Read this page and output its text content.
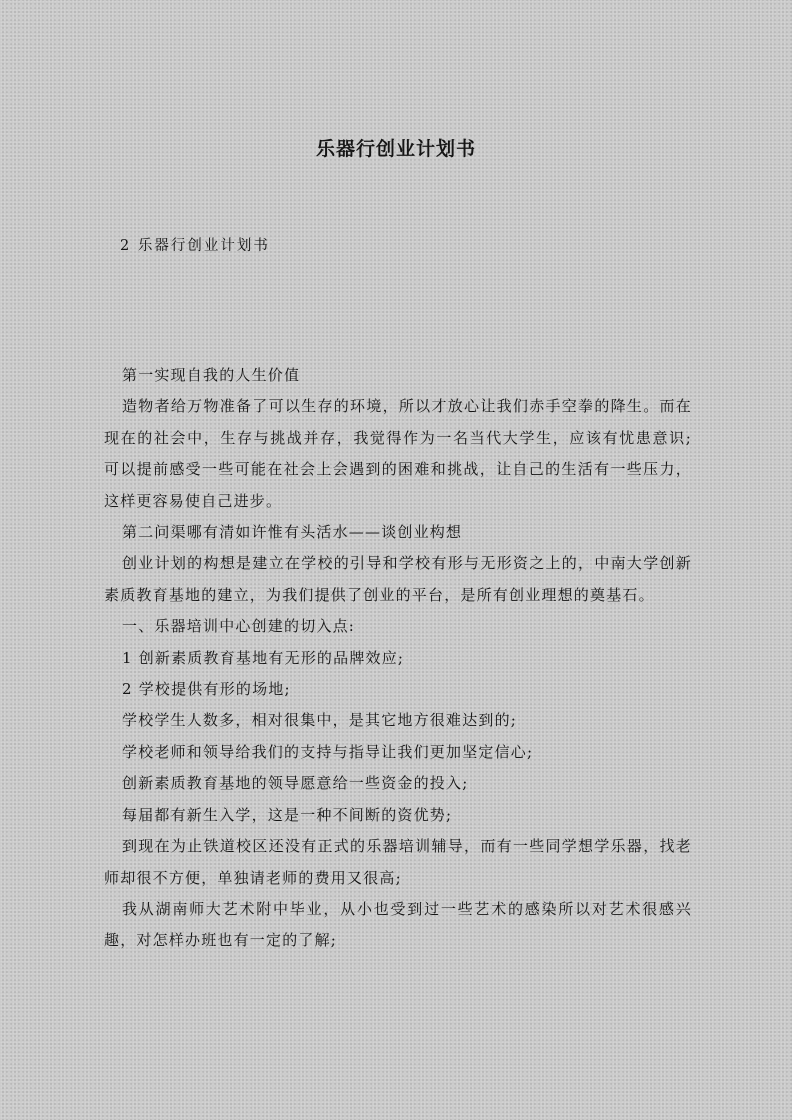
乐器行创业计划书

2 乐器行创业计划书

第一实现自我的人生价值

造物者给万物准备了可以生存的环境，所以才放心让我们赤手空拳的降生。而在现在的社会中，生存与挑战并存，我觉得作为一名当代大学生，应该有忧患意识;可以提前感受一些可能在社会上会遇到的困难和挑战，让自己的生活有一些压力，这样更容易使自己进步。

第二问渠哪有清如许惟有头活水——谈创业构想

创业计划的构想是建立在学校的引导和学校有形与无形资之上的，中南大学创新素质教育基地的建立，为我们提供了创业的平台，是所有创业理想的奠基石。

一、乐器培训中心创建的切入点:

1 创新素质教育基地有无形的品牌效应;

2 学校提供有形的场地;

学校学生人数多，相对很集中，是其它地方很难达到的;

学校老师和领导给我们的支持与指导让我们更加坚定信心;

创新素质教育基地的领导愿意给一些资金的投入;

每届都有新生入学，这是一种不间断的资优势;

到现在为止铁道校区还没有正式的乐器培训辅导，而有一些同学想学乐器，找老师却很不方便，单独请老师的费用又很高;

我从湖南师大艺术附中毕业，从小也受到过一些艺术的感染所以对艺术很感兴趣，对怎样办班也有一定的了解;
